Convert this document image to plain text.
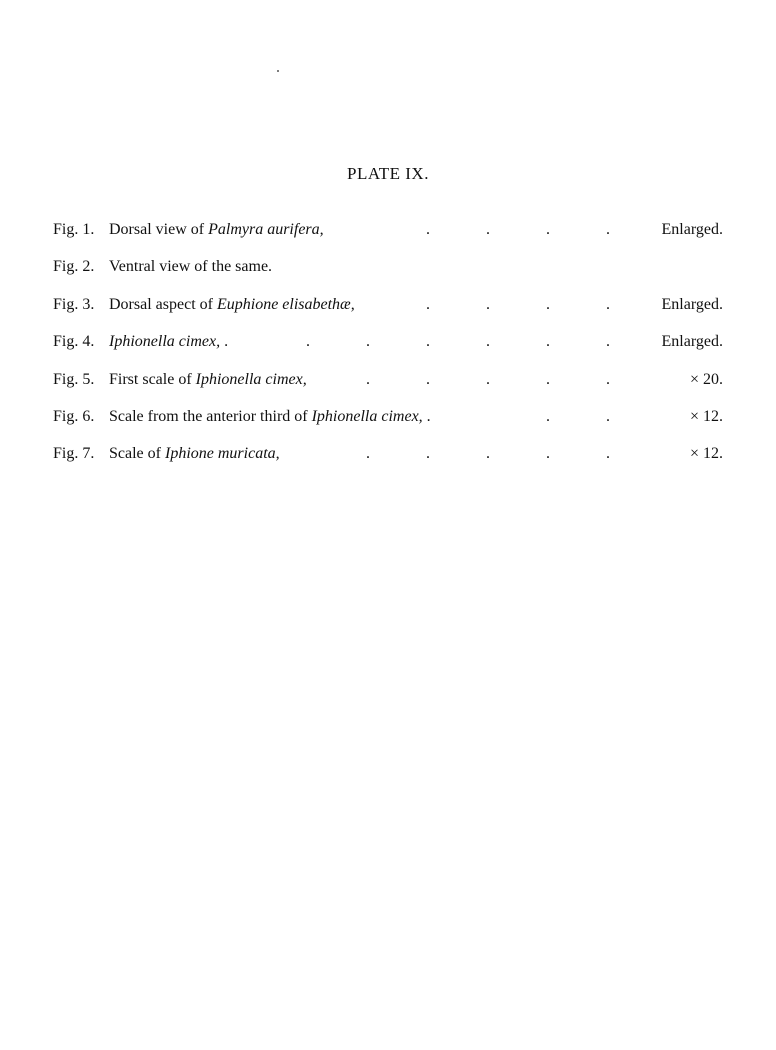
PLATE IX.
Fig. 1. Dorsal view of Palmyra aurifera,	.	.	.	.	Enlarged.
Fig. 2. Ventral view of the same.
Fig. 3. Dorsal aspect of Euphione elisabethæ,	.	.	.	.	Enlarged.
Fig. 4. Iphionella cimex, .	.	.	.	.	.	.	Enlarged.
Fig. 5. First scale of Iphionella cimex,	.	.	.	.	.	× 20.
Fig. 6. Scale from the anterior third of Iphionella cimex, .	.	.	× 12.
Fig. 7. Scale of Iphione muricata,	.	.	.	.	.	× 12.
